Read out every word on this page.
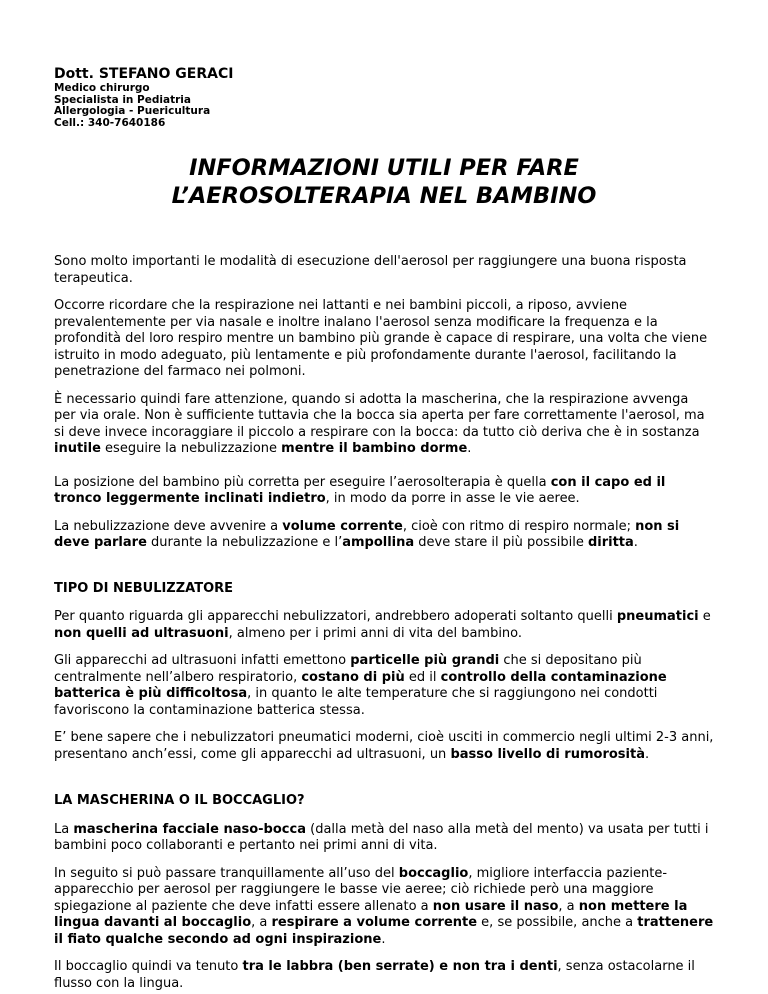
Dott. STEFANO GERACI

Medico chirurgo
Specialista in Pediatria
Allergologia - Puericultura
Cell.: 340-7640186
INFORMAZIONI UTILI PER FARE
L’AEROSOLTERAPIA NEL BAMBINO

Sono molto importanti le modalità di esecuzione dell'aerosol per raggiungere una buona risposta terapeutica.

Occorre ricordare che la respirazione nei lattanti e nei bambini piccoli, a riposo, avviene prevalentemente per via nasale e inoltre inalano l'aerosol senza modificare la frequenza e la profondità del loro respiro mentre un bambino più grande è capace di respirare, una volta che viene istruito in modo adeguato, più lentamente e più profondamente durante l'aerosol, facilitando la penetrazione del farmaco nei polmoni.

È necessario quindi fare attenzione, quando si adotta la mascherina, che la respirazione avvenga per via orale. Non è sufficiente tuttavia che la bocca sia aperta per fare correttamente l'aerosol, ma si deve invece incoraggiare il piccolo a respirare con la bocca: da tutto ciò deriva che è in sostanza inutile eseguire la nebulizzazione mentre il bambino dorme.

La posizione del bambino più corretta per eseguire l’aerosolterapia è quella con il capo ed il tronco leggermente inclinati indietro, in modo da porre in asse le vie aeree.

La nebulizzazione deve avvenire a volume corrente, cioè con ritmo di respiro normale; non si deve parlare durante la nebulizzazione e l’ampollina deve stare il più possibile diritta.

TIPO DI NEBULIZZATORE

Per quanto riguarda gli apparecchi nebulizzatori, andrebbero adoperati soltanto quelli pneumatici e non quelli ad ultrasuoni, almeno per i primi anni di vita del bambino.

Gli apparecchi ad ultrasuoni infatti emettono particelle più grandi che si depositano più centralmente nell’albero respiratorio, costano di più ed il controllo della contaminazione batterica è più difficoltosa, in quanto le alte temperature che si raggiungono nei condotti favoriscono la contaminazione batterica stessa.

E’ bene sapere che i nebulizzatori pneumatici moderni, cioè usciti in commercio negli ultimi 2-3 anni, presentano anch’essi, come gli apparecchi ad ultrasuoni, un basso livello di rumorosità.

LA MASCHERINA O IL BOCCAGLIO?

La mascherina facciale naso-bocca (dalla metà del naso alla metà del mento) va usata per tutti i bambini poco collaboranti e pertanto nei primi anni di vita.

In seguito si può passare tranquillamente all’uso del boccaglio, migliore interfaccia paziente-apparecchio per aerosol per raggiungere le basse vie aeree; ciò richiede però una maggiore spiegazione al paziente che deve infatti essere allenato a non usare il naso, a non mettere la lingua davanti al boccaglio, a respirare a volume corrente e, se possibile, anche a trattenere il fiato qualche secondo ad ogni inspirazione.

Il boccaglio quindi va tenuto tra le labbra (ben serrate) e non tra i denti, senza ostacolarne il flusso con la lingua.
